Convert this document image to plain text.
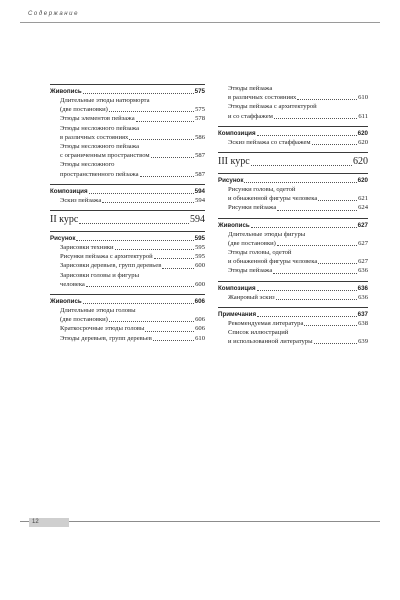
Содержание
Живопись	575
Длительные этюды натюрморта
(две постановки)	575
Этюды элементов пейзажа	578
Этюды несложного пейзажа
в различных состояниях	586
Этюды несложного пейзажа
с ограниченным пространством	587
Этюды несложного
пространственного пейзажа	587
Композиция	594
Эскиз пейзажа	594
II курс	594
Рисунок	595
Зарисовки техники	595
Рисунки пейзажа с архитектурой	595
Зарисовки деревьев, групп деревьев	600
Зарисовки головы и фигуры
человека	600
Живопись	606
Длительные этюды головы
(две постановки)	606
Краткосрочные этюды головы	606
Этюды деревьев, групп деревьев	610
Этюды пейзажа
в различных состояниях	610
Этюды пейзажа с архитектурой
и со стаффажем	611
Композиция	620
Эскиз пейзажа со стаффажем	620
III курс	620
Рисунок	620
Рисунки головы, одетой
и обнаженной фигуры человека	621
Рисунки пейзажа	624
Живопись	627
Длительные этюды фигуры
(две постановки)	627
Этюды головы, одетой
и обнаженной фигуры человека	627
Этюды пейзажа	636
Композиция	636
Жанровый эскиз	636
Примечания	637
Рекомендуемая литература	638
Список иллюстраций
и использованной литературы	639
12
